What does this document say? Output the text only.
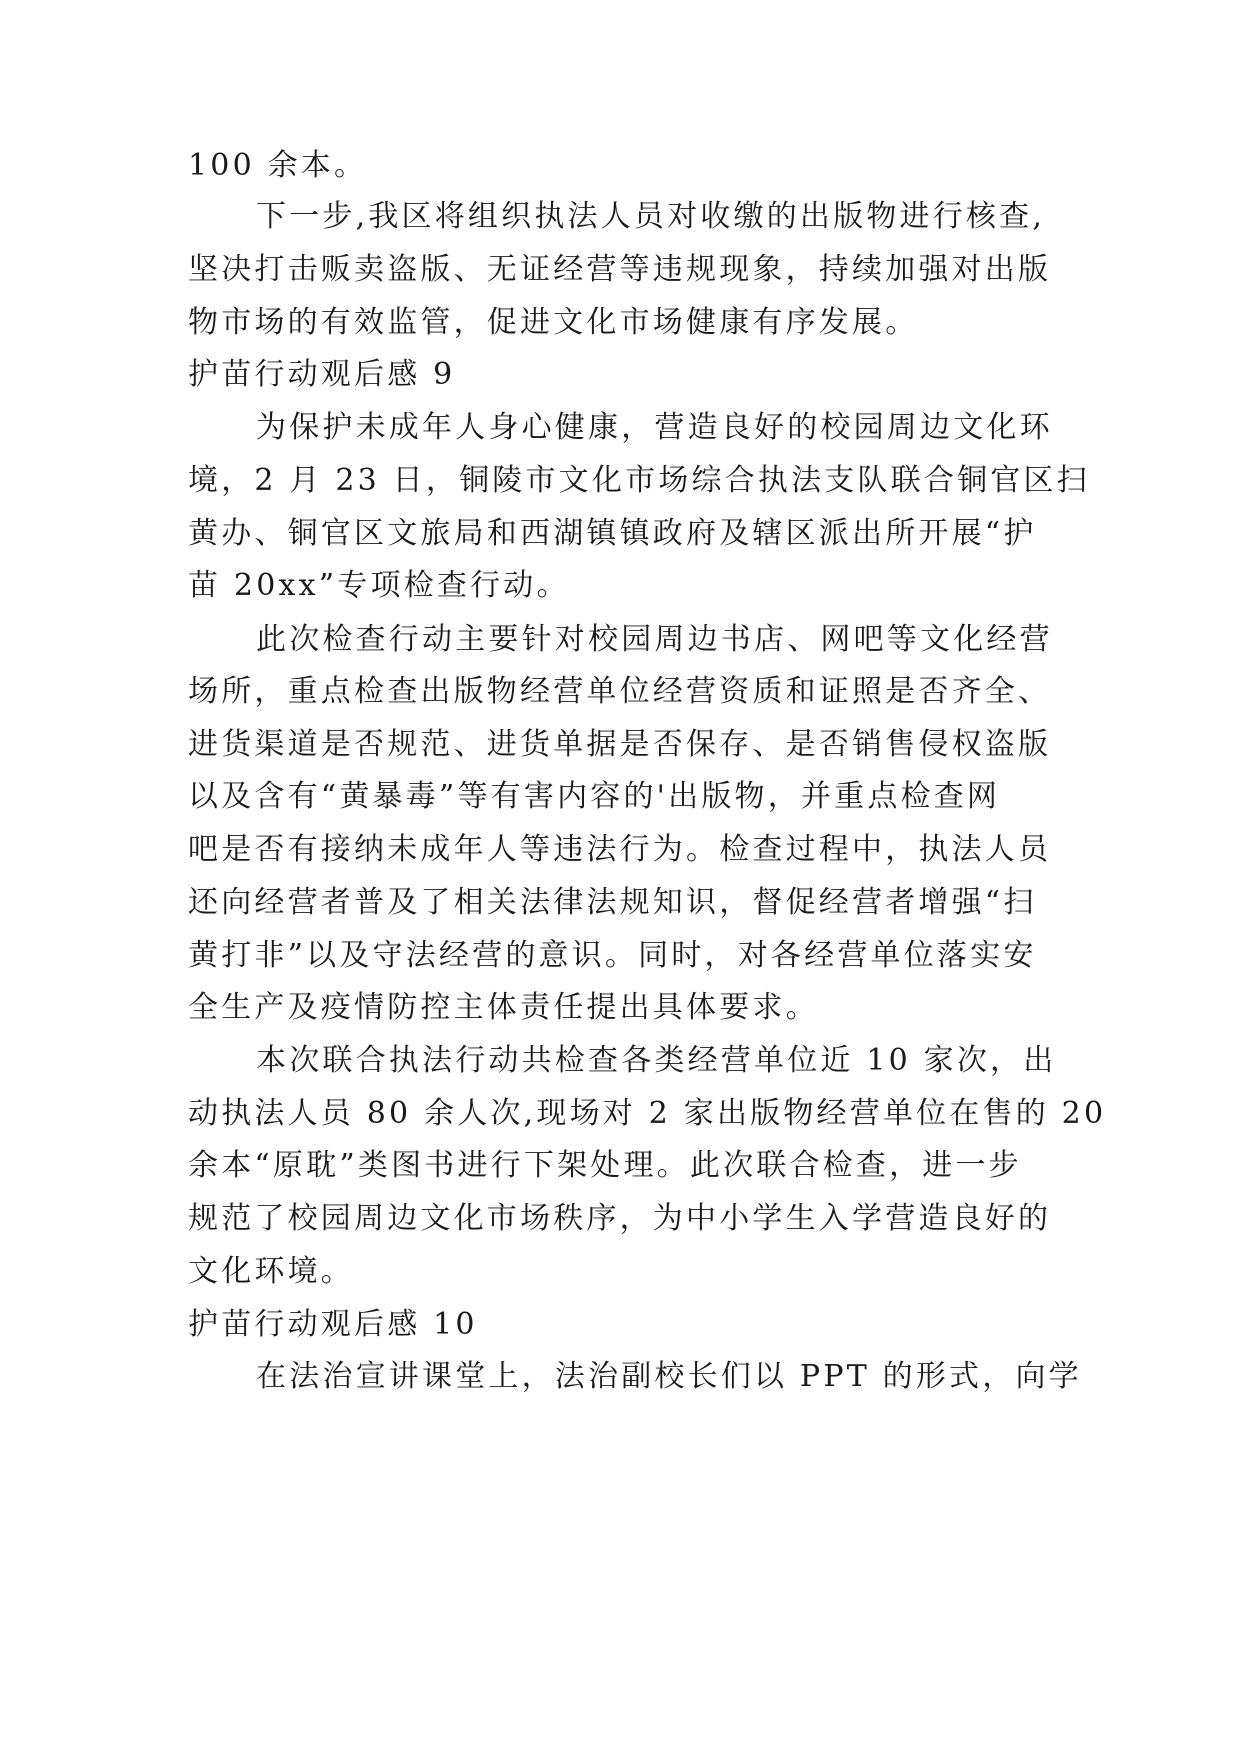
100 余本。
下一步,我区将组织执法人员对收缴的出版物进行核查,
坚决打击贩卖盗版、无证经营等违规现象，持续加强对出版
物市场的有效监管，促进文化市场健康有序发展。
护苗行动观后感 9
为保护未成年人身心健康，营造良好的校园周边文化环
境，2 月 23 日，铜陵市文化市场综合执法支队联合铜官区扫
黄办、铜官区文旅局和西湖镇镇政府及辖区派出所开展“护
苗 20xx”专项检查行动。
此次检查行动主要针对校园周边书店、网吧等文化经营
场所，重点检查出版物经营单位经营资质和证照是否齐全、
进货渠道是否规范、进货单据是否保存、是否销售侵权盗版
以及含有“黄暴毒”等有害内容的'出版物，并重点检查网
吧是否有接纳未成年人等违法行为。检查过程中，执法人员
还向经营者普及了相关法律法规知识，督促经营者增强“扫
黄打非”以及守法经营的意识。同时，对各经营单位落实安
全生产及疫情防控主体责任提出具体要求。
本次联合执法行动共检查各类经营单位近 10 家次，出
动执法人员 80 余人次,现场对 2 家出版物经营单位在售的 20
余本“原耽”类图书进行下架处理。此次联合检查，进一步
规范了校园周边文化市场秩序，为中小学生入学营造良好的
文化环境。
护苗行动观后感 10
在法治宣讲课堂上，法治副校长们以 PPT 的形式，向学
